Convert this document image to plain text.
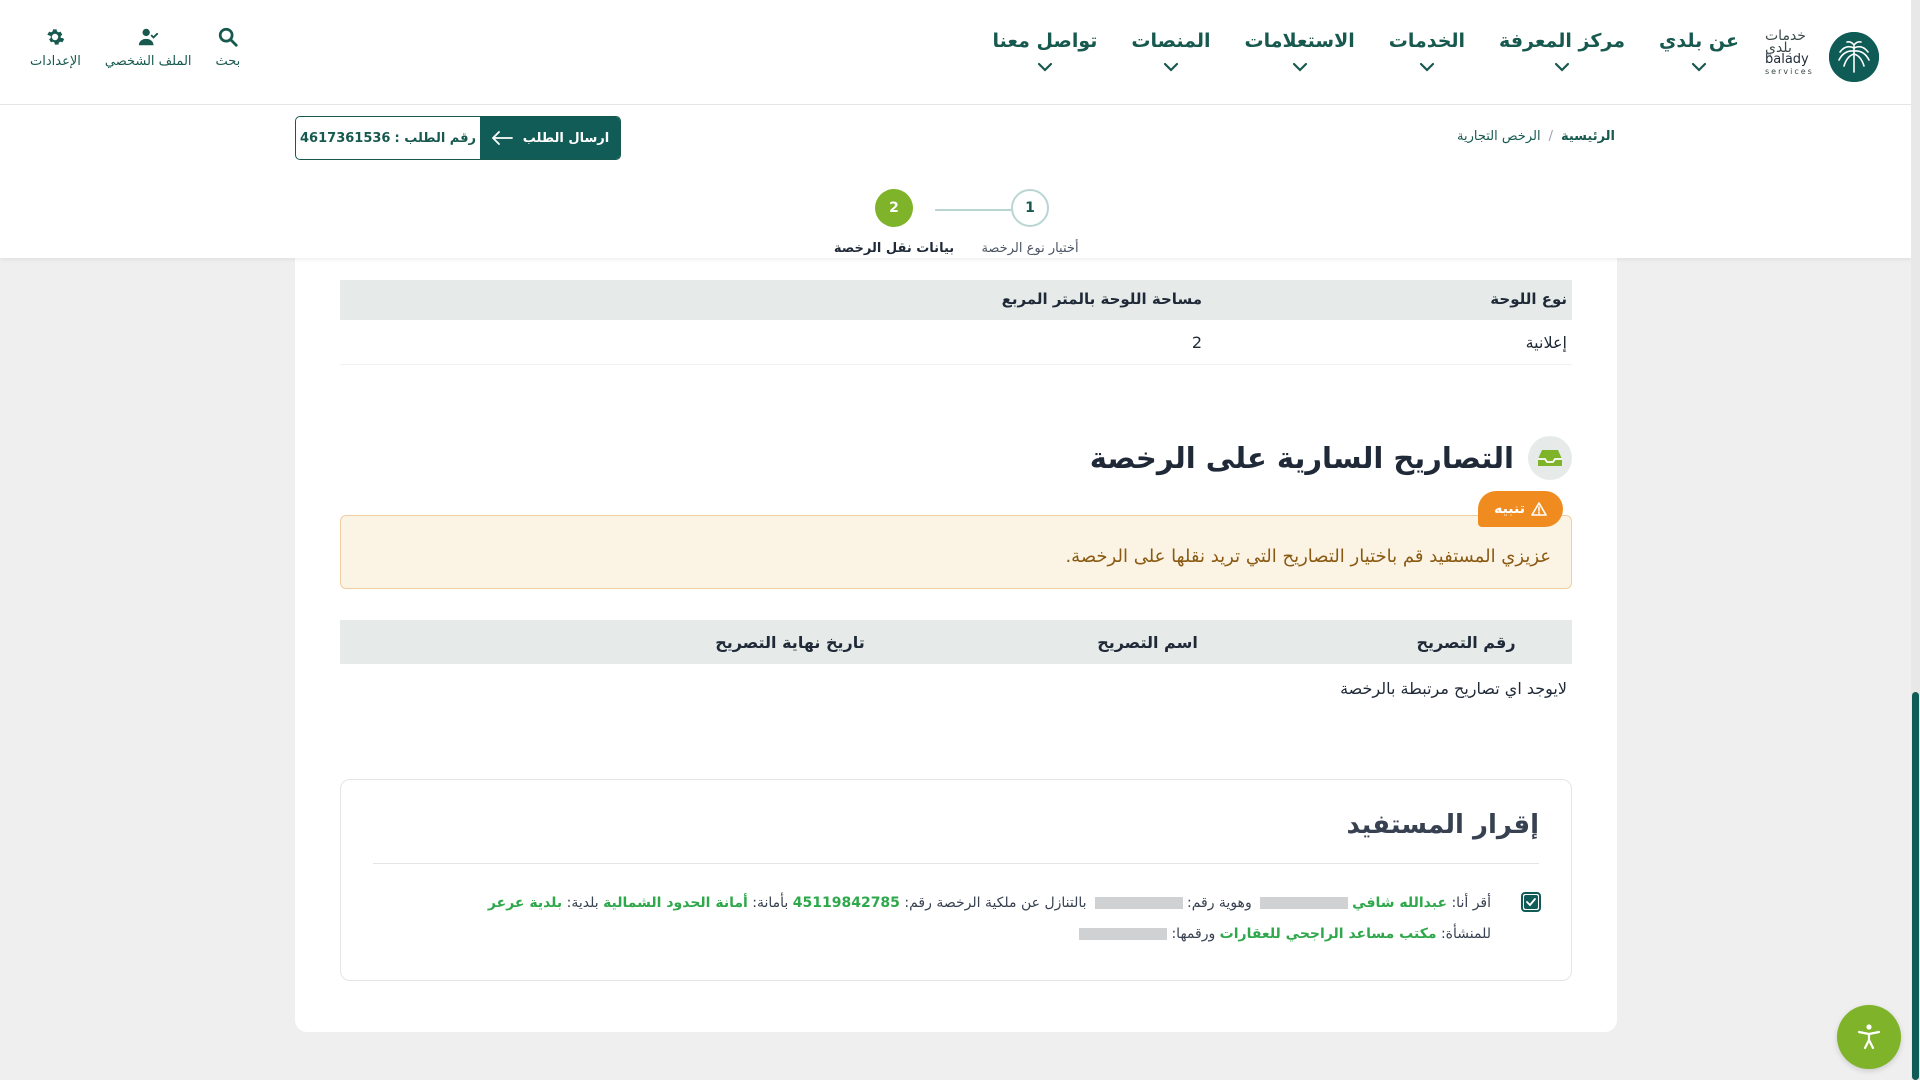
خدمات
بلدي
balady
services
عن بلدي
مركز المعرفة
الخدمات
الاستعلامات
المنصات
تواصل معنا
الإعدادات الملف الشخصي بحث
الرئيسية
/
الرخص التجارية
رقم الطلب :
4617361536	ارسال الطلب
1
أختيار نوع الرخصة
2
بيانات نقل الرخصة
نوع اللوحة
مساحة اللوحة بالمتر المربع
إعلانية
2
التصاريح السارية على الرخصة
تنبيه
عزيزي المستفيد قم باختيار التصاريح التي تريد نقلها على الرخصة.
رقم التصريح
اسم التصريح
تاريخ نهاية التصريح
لايوجد اي تصاريح مرتبطة بالرخصة
إقرار المستفيد
أقر أنا: عبدالله شافي وهوية رقم: بالتنازل عن ملكية الرخصة رقم: 45119842785 بأمانة: أمانة الحدود الشمالية بلدية: بلدية عرعر
للمنشأة: مكتب مساعد الراجحي للعقارات ورقمها:
